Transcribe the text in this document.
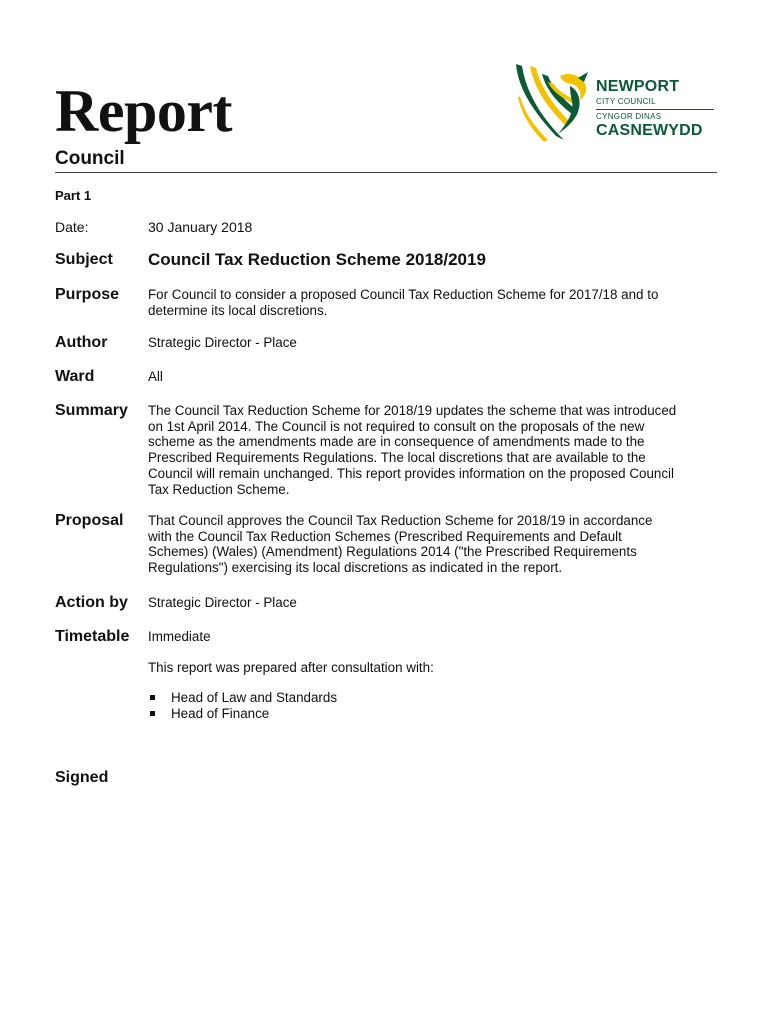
Report	NEWPORT
CITY COUNCIL
CYNGOR DINAS
CASNEWYDD
Council
Part 1
Date:	30 January 2018
Subject Council Tax Reduction Scheme 2018/2019
Purpose For Council to consider a proposed Council Tax Reduction Scheme for 2017/18 and to
determine its local discretions.
Author	Strategic Director - Place
Ward	All
Summary The Council Tax Reduction Scheme for 2018/19 updates the scheme that was introduced
on 1st April 2014. The Council is not required to consult on the proposals of the new
scheme as the amendments made are in consequence of amendments made to the
Prescribed Requirements Regulations. The local discretions that are available to the
Council will remain unchanged. This report provides information on the proposed Council
Tax Reduction Scheme.
Proposal That Council approves the Council Tax Reduction Scheme for 2018/19 in accordance
with the Council Tax Reduction Schemes (Prescribed Requirements and Default
Schemes) (Wales) (Amendment) Regulations 2014 ("the Prescribed Requirements
Regulations") exercising its local discretions as indicated in the report.
Action by Strategic Director - Place
Timetable Immediate
This report was prepared after consultation with:
Head of Law and Standards
Head of Finance
Signed
